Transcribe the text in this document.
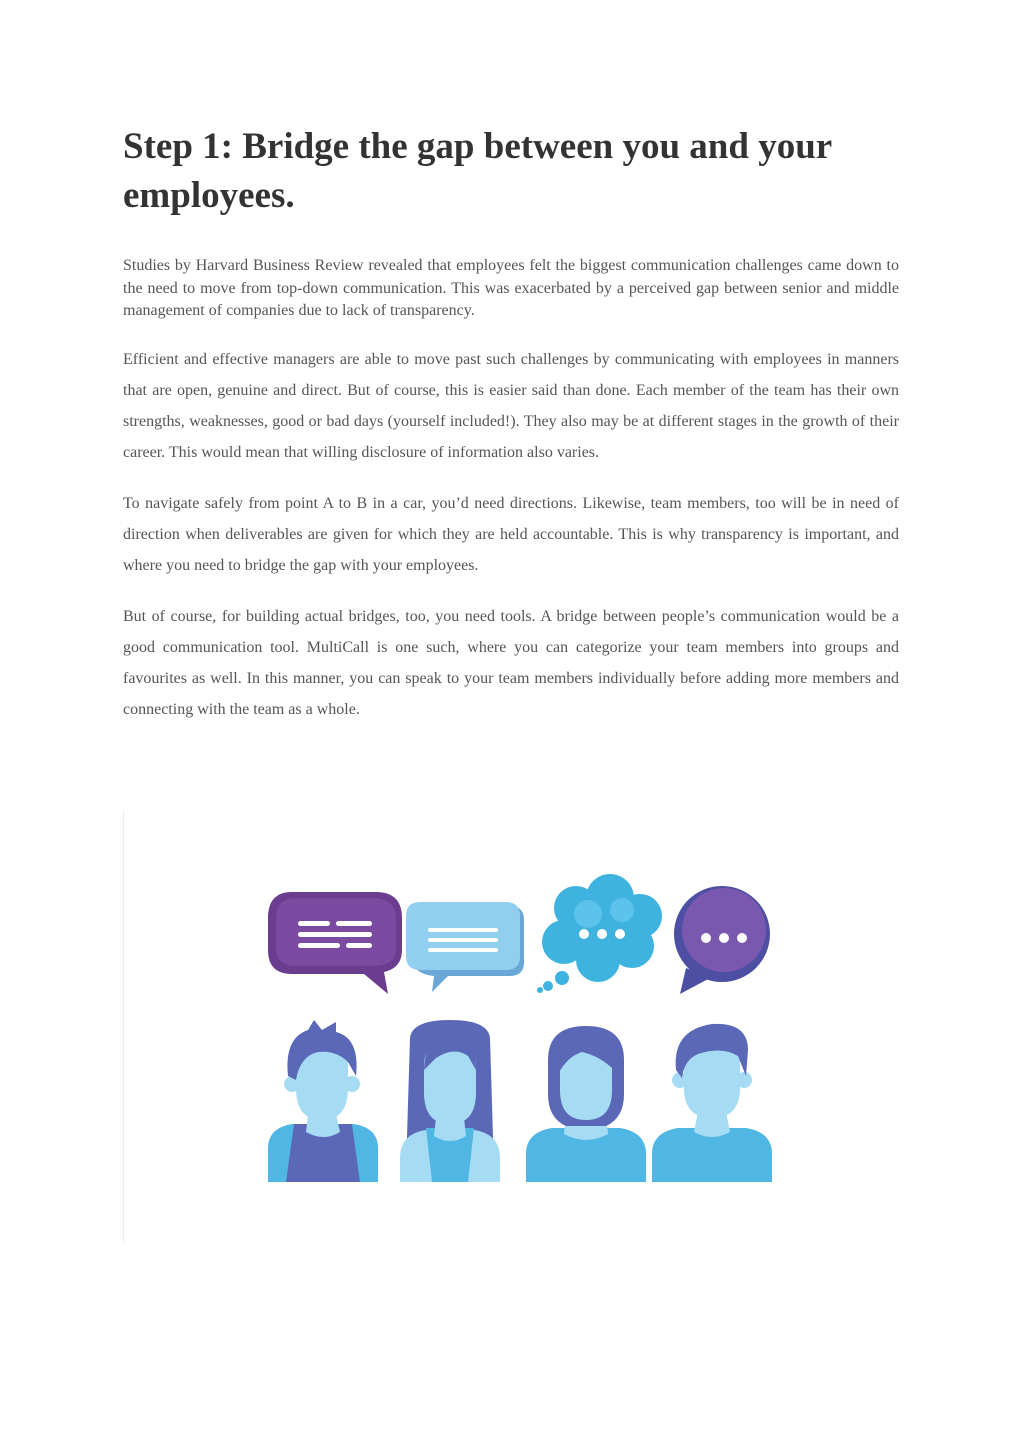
Step 1: Bridge the gap between you and your employees.

Studies by Harvard Business Review revealed that employees felt the biggest communication challenges came down to the need to move from top-down communication. This was exacerbated by a perceived gap between senior and middle management of companies due to lack of transparency.

Efficient and effective managers are able to move past such challenges by communicating with employees in manners that are open, genuine and direct. But of course, this is easier said than done. Each member of the team has their own strengths, weaknesses, good or bad days (yourself included!). They also may be at different stages in the growth of their career. This would mean that willing disclosure of information also varies.

To navigate safely from point A to B in a car, you’d need directions. Likewise, team members, too will be in need of direction when deliverables are given for which they are held accountable. This is why transparency is important, and where you need to bridge the gap with your employees.

But of course, for building actual bridges, too, you need tools. A bridge between people’s communication would be a good communication tool. MultiCall is one such, where you can categorize your team members into groups and favourites as well. In this manner, you can speak to your team members individually before adding more members and connecting with the team as a whole.
